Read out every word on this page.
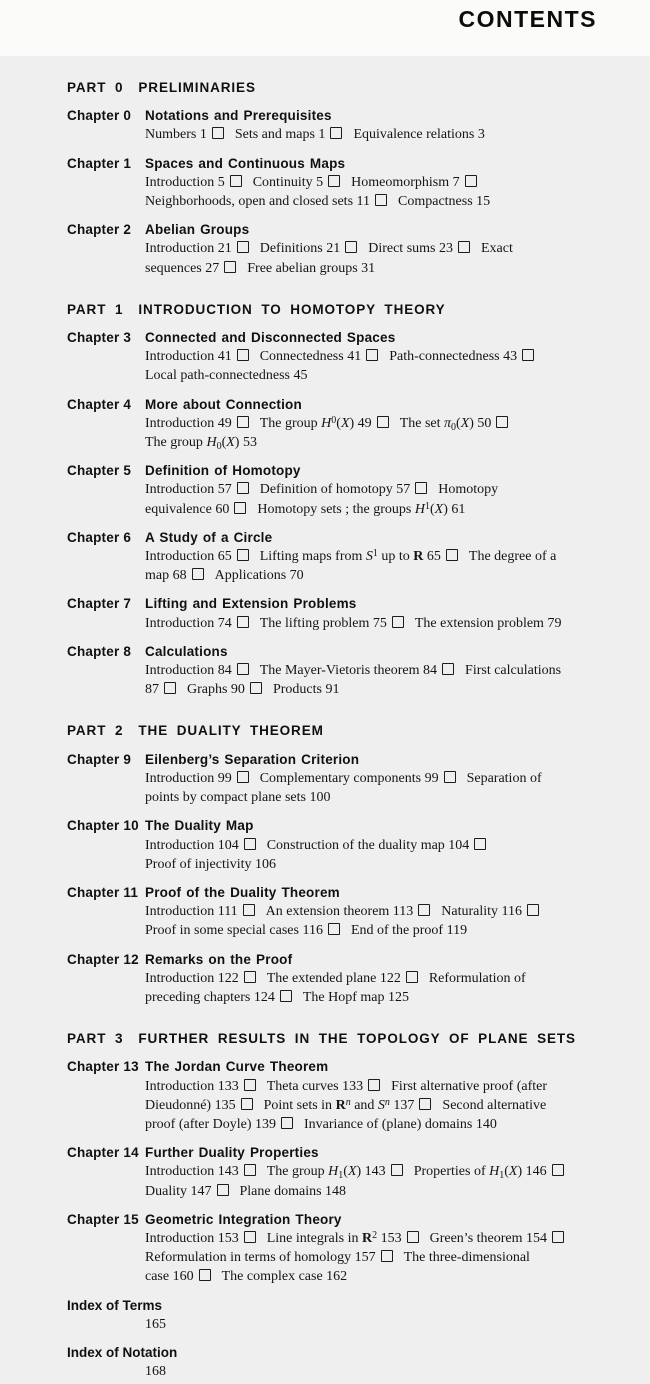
CONTENTS
PART 0 PRELIMINARIES
Chapter 0	Notations and Prerequisites
Numbers 1 Sets and maps 1 Equivalence relations 3
Chapter 1	Spaces and Continuous Maps
Introduction 5 Continuity 5 Homeomorphism 7
Neighborhoods, open and closed sets 11 Compactness 15
Chapter 2	Abelian Groups
Introduction 21 Definitions 21 Direct sums 23 Exact
sequences 27 Free abelian groups 31
PART 1 INTRODUCTION TO HOMOTOPY THEORY
Chapter 3	Connected and Disconnected Spaces
Introduction 41 Connectedness 41 Path-connectedness 43
Local path-connectedness 45
Chapter 4	More about Connection
Introduction 49 The group $H^0(X)$ 49 The set $\pi_0(X)$ 50
The group $H_0(X)$ 53
Chapter 5	Definition of Homotopy
Introduction 57 Definition of homotopy 57 Homotopy
equivalence 60 Homotopy sets ; the groups $H^1(X)$ 61
Chapter 6	A Study of a Circle
Introduction 65 Lifting maps from $S^1$ up to R 65 The degree of a
map 68 Applications 70
Chapter 7	Lifting and Extension Problems
Introduction 74 The lifting problem 75 The extension problem 79
Chapter 8	Calculations
Introduction 84 The Mayer-Vietoris theorem 84 First calculations
87 Graphs 90 Products 91
PART 2 THE DUALITY THEOREM
Chapter 9	Eilenberg’s Separation Criterion
Introduction 99 Complementary components 99 Separation of
points by compact plane sets 100
Chapter 10 The Duality Map
Introduction 104 Construction of the duality map 104
Proof of injectivity 106
Chapter 11 Proof of the Duality Theorem
Introduction 111 An extension theorem 113 Naturality 116
Proof in some special cases 116 End of the proof 119
Chapter 12 Remarks on the Proof
Introduction 122 The extended plane 122 Reformulation of
preceding chapters 124 The Hopf map 125
PART 3 FURTHER RESULTS IN THE TOPOLOGY OF PLANE SETS
Chapter 13 The Jordan Curve Theorem
Introduction 133 Theta curves 133 First alternative proof (after
Dieudonné) 135 Point sets in $R^n$ and $S^n$ 137 Second alternative
proof (after Doyle) 139 Invariance of (plane) domains 140
Chapter 14 Further Duality Properties
Introduction 143 The group $H_1(X)$ 143 Properties of $H_1(X)$ 146
Duality 147 Plane domains 148
Chapter 15 Geometric Integration Theory
Introduction 153 Line integrals in $R^2$ 153 Green’s theorem 154
Reformulation in terms of homology 157 The three-dimensional
case 160 The complex case 162
Index of Terms
165
Index of Notation
168
